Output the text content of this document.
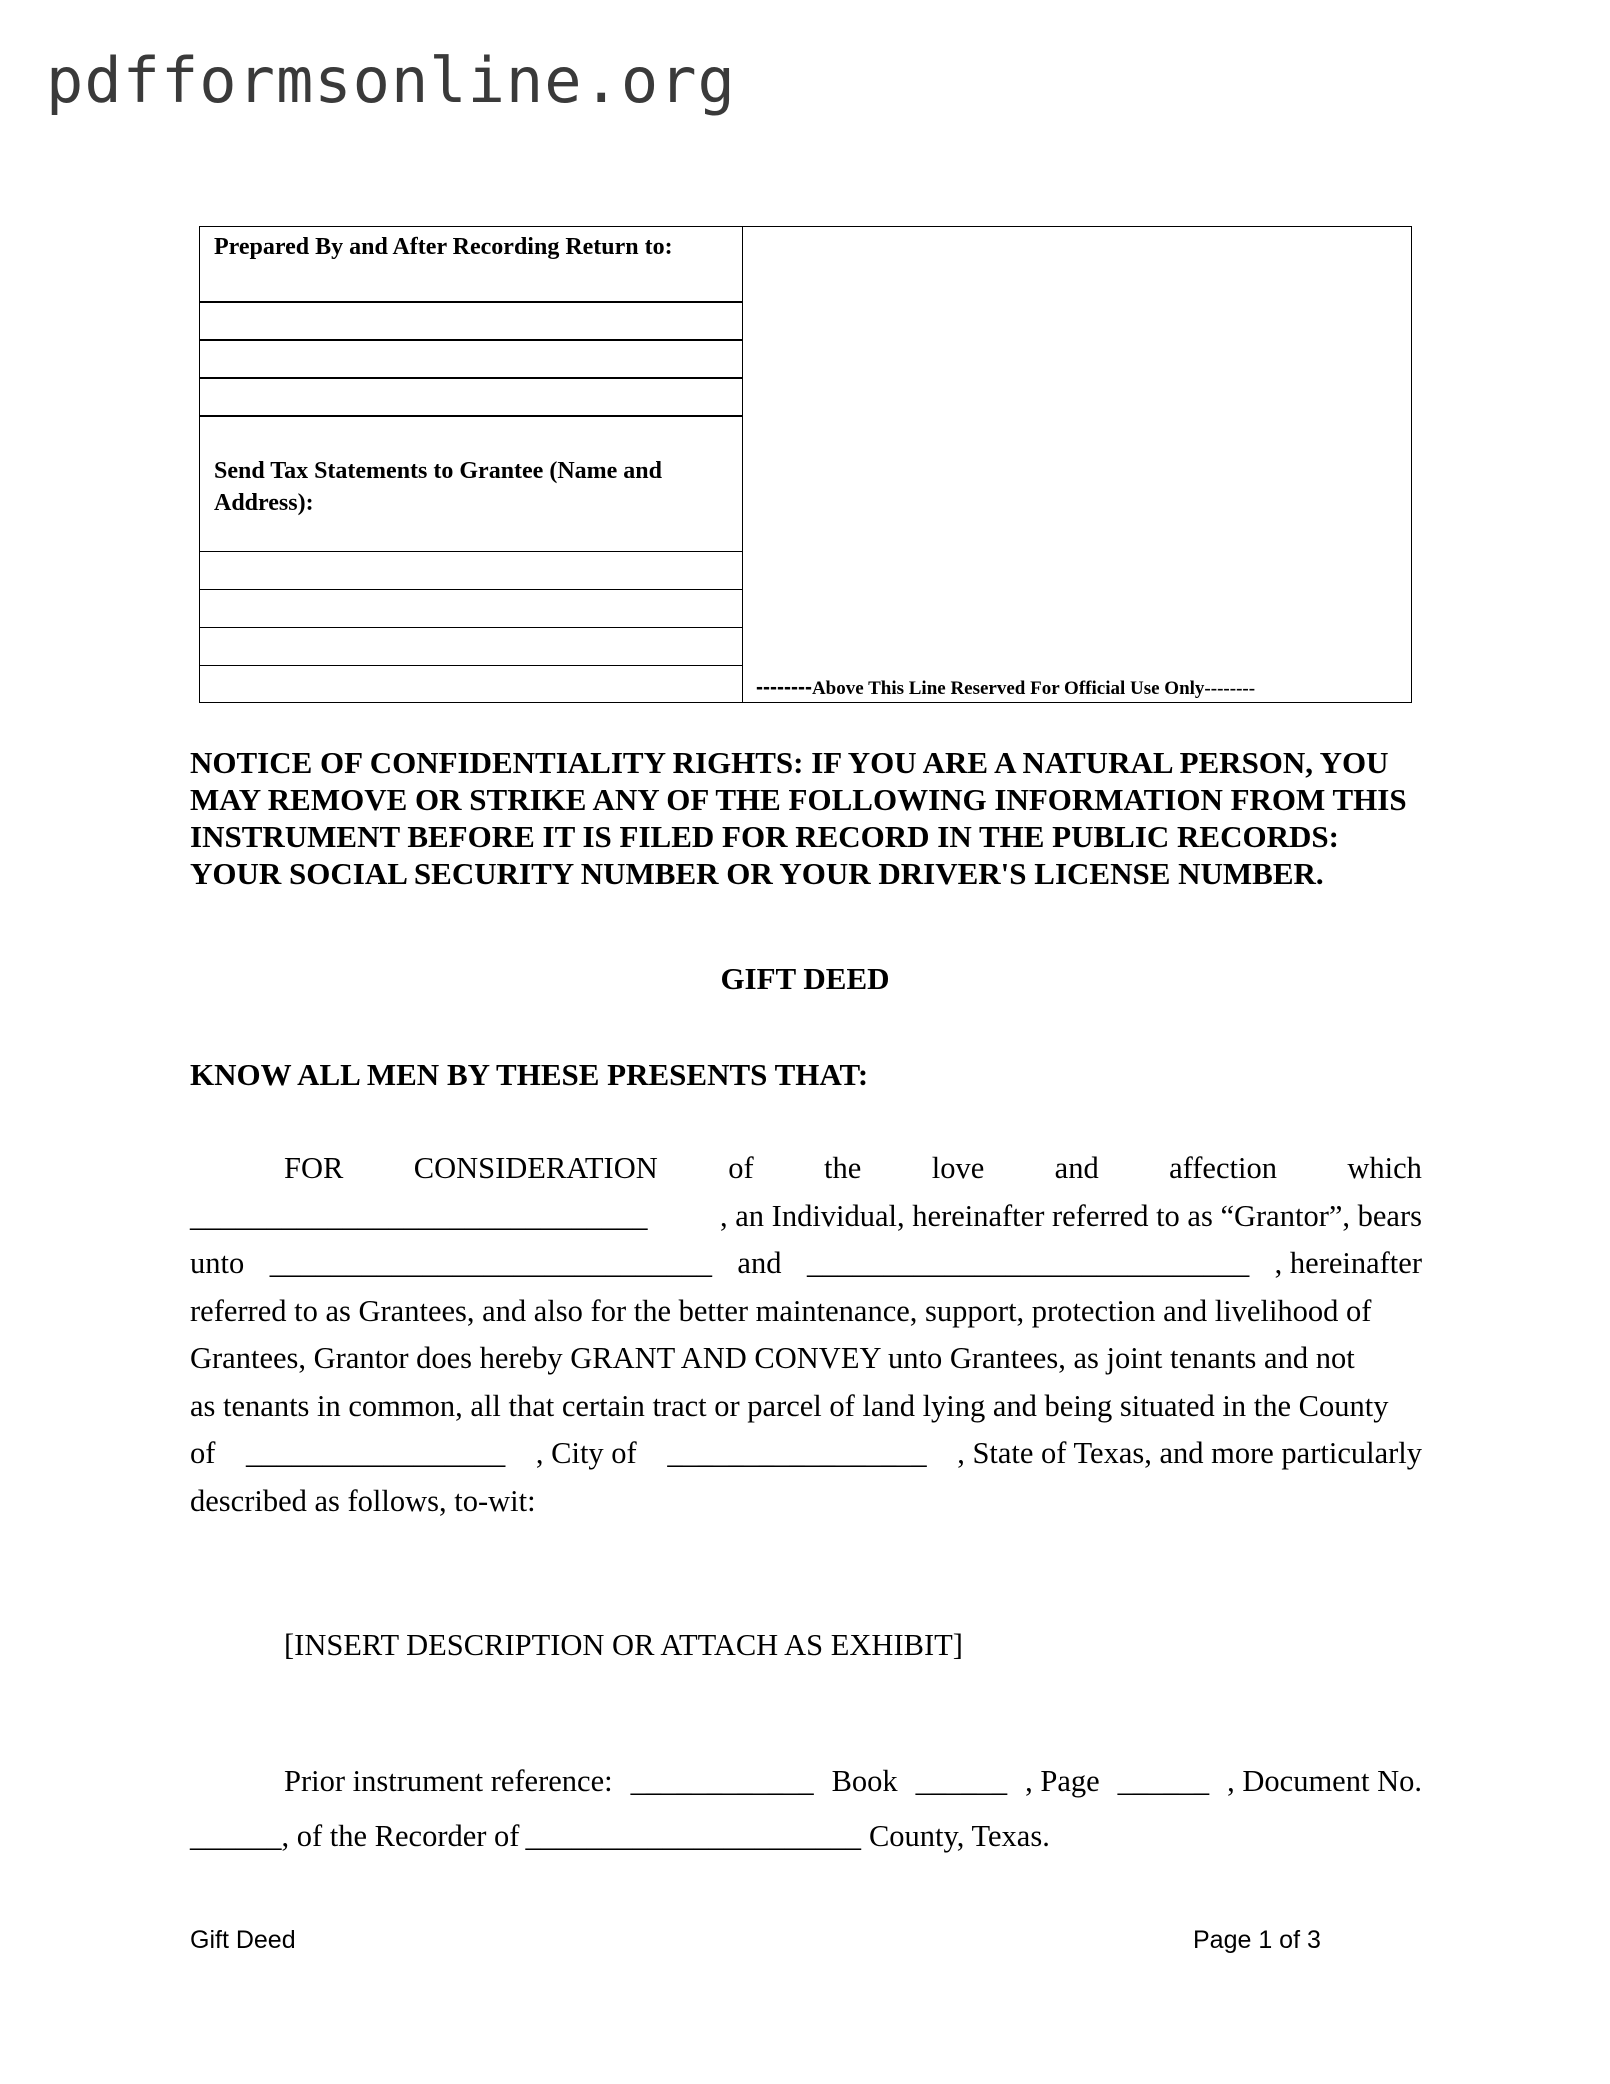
pdfformsonline.org
Prepared By and After Recording Return to:
Send Tax Statements to Grantee (Name and Address):
--------Above This Line Reserved For Official Use Only--------
NOTICE OF CONFIDENTIALITY RIGHTS: IF YOU ARE A NATURAL PERSON, YOU MAY REMOVE OR STRIKE ANY OF THE FOLLOWING INFORMATION FROM THIS INSTRUMENT BEFORE IT IS FILED FOR RECORD IN THE PUBLIC RECORDS: YOUR SOCIAL SECURITY NUMBER OR YOUR DRIVER'S LICENSE NUMBER.
GIFT DEED
KNOW ALL MEN BY THESE PRESENTS THAT:
FOR CONSIDERATION of the love and affection which
______________________________ , an Individual, hereinafter referred to as “Grantor”, bears
unto _____________________________ and _____________________________ , hereinafter
referred to as Grantees, and also for the better maintenance, support, protection and livelihood of
Grantees, Grantor does hereby GRANT AND CONVEY unto Grantees, as joint tenants and not
as tenants in common, all that certain tract or parcel of land lying and being situated in the County
of _________________ , City of _________________ , State of Texas, and more particularly
described as follows, to-wit:
[INSERT DESCRIPTION OR ATTACH AS EXHIBIT]
Prior instrument reference: ____________ Book ______ , Page ______ , Document No.
______ , of the Recorder of ______________________ County, Texas.
Gift Deed	Page 1 of 3
